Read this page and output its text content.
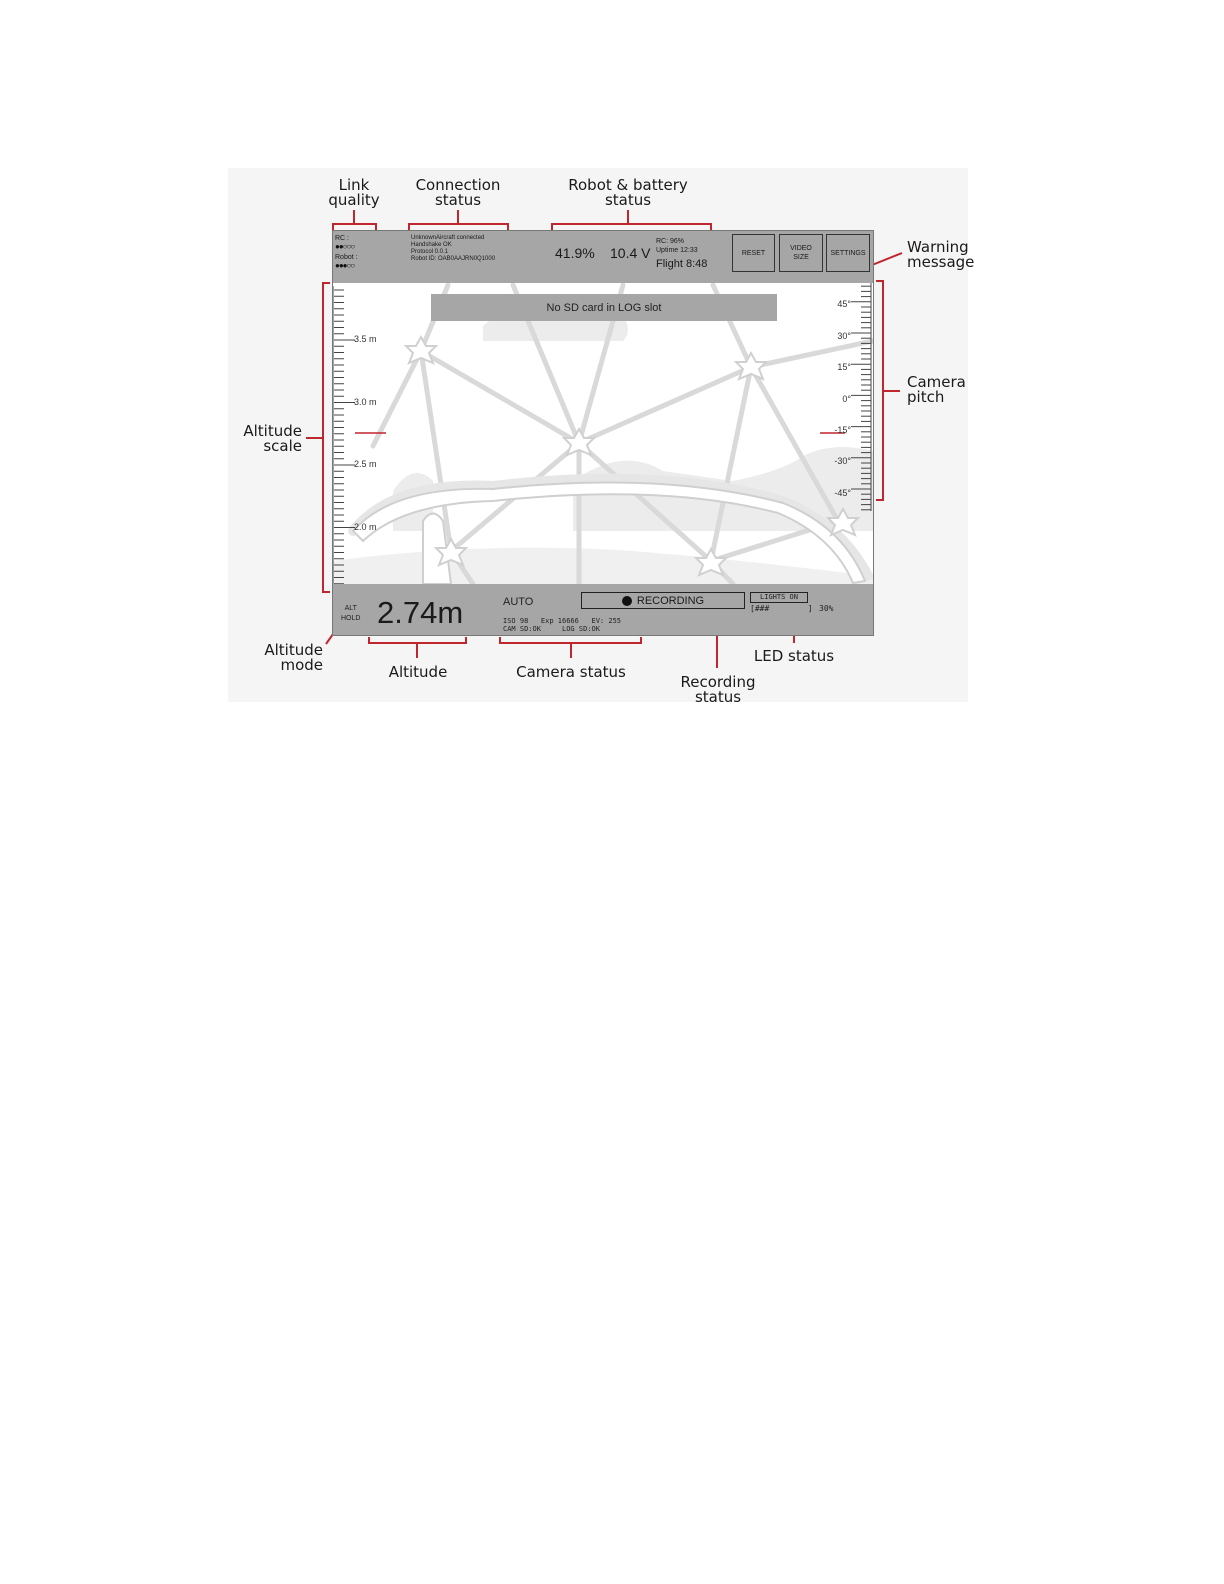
Link
quality
Connection
status
Robot & battery
status
Warning
message
Camera
pitch
Altitude
scale
Altitude
mode	Altitude	Camera status
Recording
status
LED status
3.5 m
3.0 m
2.5 m
2.0 m
45°
30°
15°
0°
-15°
-30°
-45°
No SD card in LOG slot
RC :
●●○○○
Robot :
●●●○○
UnknownAircraft connected
Handshake OK
Protocol 0.0.1
Robot ID: OAB0AAJRN0Q1000	41.9% 10.4 V
RC: 96%
Uptime 12:33
Flight 8:48
RESET
VIDEO
SIZE
SETTINGS
ALT
HOLD 2.74m	AUTO
ISO 98   Exp 16666   EV: 255
CAM SD:OK     LOG SD:OK
RECORDING	LIGHTS ON
[###        ] 30%
